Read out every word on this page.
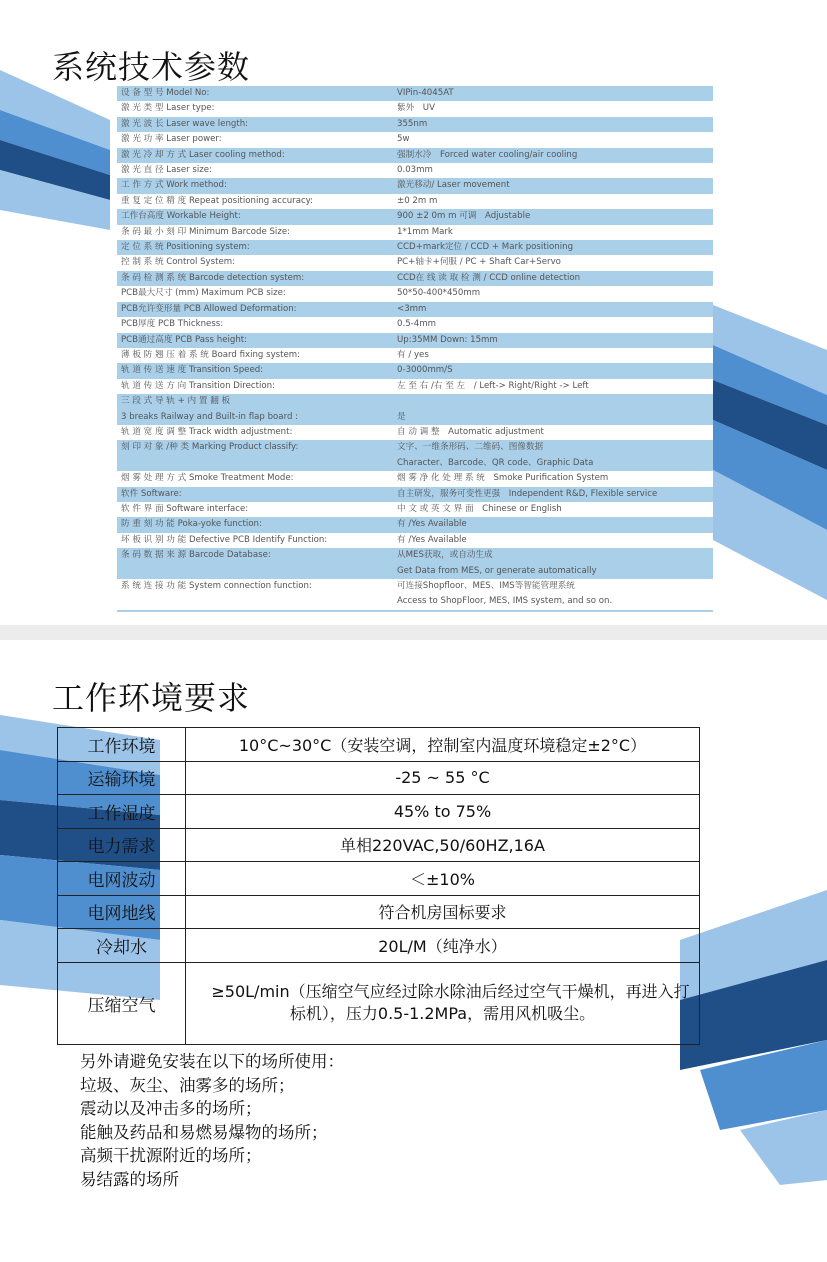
系统技术参数
设 备 型 号 Model No:	VIPin-4045AT
激 光 类 型 Laser type:	紫外　UV
激 光 波 长 Laser wave length:	355nm
激 光 功 率 Laser power:	5w
激 光 冷 却 方 式 Laser cooling method:	强制水冷　Forced water cooling/air cooling
激 光 直 径 Laser size:	0.03mm
工 作 方 式 Work method:	激光移动/ Laser movement
重 复 定 位 精 度 Repeat positioning accuracy:	±0 2m m
工作台高度 Workable Height:	900 ±2 0m m 可调　Adjustable
条 码 最 小 刻 印 Minimum Barcode Size:	1*1mm Mark
定 位 系 统 Positioning system:	CCD+mark定位 / CCD + Mark positioning
控 制 系 统 Control System:	PC+轴卡+伺服 / PC + Shaft Car+Servo
条 码 检 测 系 统 Barcode detection system:	CCD在 线 读 取 检 测 / CCD online detection
PCB最大尺寸 (mm) Maximum PCB size:	50*50-400*450mm
PCB允许变形量 PCB Allowed Deformation:	<3mm
PCB厚度 PCB Thickness:	0.5-4mm
PCB通过高度 PCB Pass height:	Up:35MM Down: 15mm
薄 板 防 翘 压 着 系 统 Board fixing system:	有 / yes
轨 道 传 送 速 度 Transition Speed:	0-3000mm/S
轨 道 传 送 方 向 Transition Direction:	左 至 右 /右 至 左　/ Left-> Right/Right -> Left
三 段 式 导 轨 + 内 置 翻 板
3 breaks Railway and Built-in flap board :	
是
轨 道 宽 度 调 整 Track width adjustment:	自 动 调 整　Automatic adjustment
刻 印 对 象 /种 类 Marking Product classify:	文字、一维条形码、二维码、图像数据
Character、Barcode、QR code、Graphic Data
烟 雾 处 理 方 式 Smoke Treatment Mode:	烟 雾 净 化 处 理 系 统　Smoke Purification System
软件 Software:	自主研发，服务可变性更强　Independent R&D, Flexible service
软 件 界 面 Software interface:	中 文 或 英 文 界 面　Chinese or English
防 重 刻 功 能 Poka-yoke function:	有 /Yes Available
坏 板 识 别 功 能 Defective PCB Identify Function:	有 /Yes Available
条 码 数 据 来 源 Barcode Database:	从MES获取，或自动生成
Get Data from MES, or generate automatically
系 统 连 接 功 能 System connection function:	可连接Shopfloor、MES、IMS等智能管理系统
Access to ShopFloor, MES, IMS system, and so on.
工作环境要求
工作环境	10°C~30°C（安装空调，控制室内温度环境稳定±2°C）
运输环境	-25 ~ 55 °C
工作湿度	45% to 75%
电力需求	单相220VAC,50/60HZ,16A
电网波动	＜±10%
电网地线	符合机房国标要求
冷却水	20L/M（纯净水）
压缩空气	　≥50L/min（压缩空气应经过除水除油后经过空气干燥机，再进入打标机），压力0.5-1.2MPa，需用风机吸尘。
另外请避免安装在以下的场所使用：
垃圾、灰尘、油雾多的场所；
震动以及冲击多的场所；
能触及药品和易燃易爆物的场所；
高频干扰源附近的场所；
易结露的场所
